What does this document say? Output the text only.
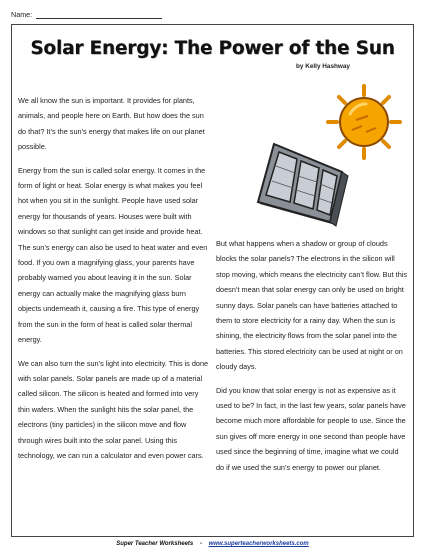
Name:
Solar Energy: The Power of the Sun
by Kelly Hashway

We all know the sun is important. It provides for plants, animals, and people here on Earth. But how does the sun do that? It’s the sun’s energy that makes life on our planet possible.

Energy from the sun is called solar energy. It comes in the form of light or heat. Solar energy is what makes you feel hot when you sit in the sunlight. People have used solar energy for thousands of years. Houses were built with windows so that sunlight can get inside and provide heat. The sun’s energy can also be used to heat water and even food. If you own a magnifying glass, your parents have probably warned you about leaving it in the sun. Solar energy can actually make the magnifying glass burn objects underneath it, causing a fire. This type of energy from the sun in the form of heat is called solar thermal energy.

We can also turn the sun’s light into electricity. This is done with solar panels. Solar panels are made up of a material called silicon. The silicon is heated and formed into very thin wafers. When the sunlight hits the solar panel, the electrons (tiny particles) in the silicon move and flow through wires built into the solar panel. Using this technology, we can run a calculator and even power cars.

But what happens when a shadow or group of clouds blocks the solar panels? The electrons in the silicon will stop moving, which means the electricity can’t flow. But this doesn’t mean that solar energy can only be used on bright sunny days. Solar panels can have batteries attached to them to store electricity for a rainy day. When the sun is shining, the electricity flows from the solar panel into the batteries. This stored electricity can be used at night or on cloudy days.

Did you know that solar energy is not as expensive as it used to be? In fact, in the last few years, solar panels have become much more affordable for people to use. Since the sun gives off more energy in one second than people have used since the beginning of time, imagine what we could do if we used the sun’s energy to power our planet.

Super Teacher Worksheets - www.superteacherworksheets.com
